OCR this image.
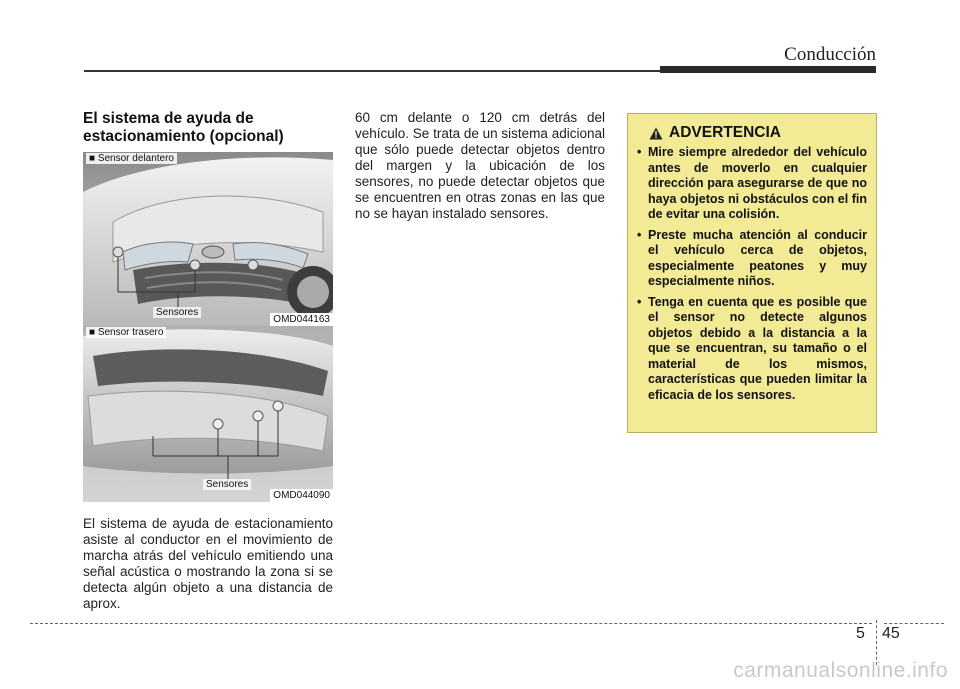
Conducción
El sistema de ayuda de estacionamiento (opcional)
■ Sensor delantero
Sensores
OMD044163
■ Sensor trasero
Sensores
OMD044090

El sistema de ayuda de estacionamiento asiste al conductor en el movimiento de marcha atrás del vehículo emitiendo una señal acústica o mostrando la zona si se detecta algún objeto a una distancia de aprox.

60 cm delante o 120 cm detrás del vehículo. Se trata de un sistema adicional que sólo puede detectar objetos dentro del margen y la ubicación de los sensores, no puede detectar objetos que se encuentren en otras zonas en las que no se hayan instalado sensores.

ADVERTENCIA
• Mire siempre alrededor del vehículo antes de moverlo en cualquier dirección para asegurarse de que no haya objetos ni obstáculos con el fin de evitar una colisión.
• Preste mucha atención al conducir el vehículo cerca de objetos, especialmente peatones y muy especialmente niños.
• Tenga en cuenta que es posible que el sensor no detecte algunos objetos debido a la distancia a la que se encuentran, su tamaño o el material de los mismos, características que pueden limitar la eficacia de los sensores.
5 45
carmanualsonline.info
